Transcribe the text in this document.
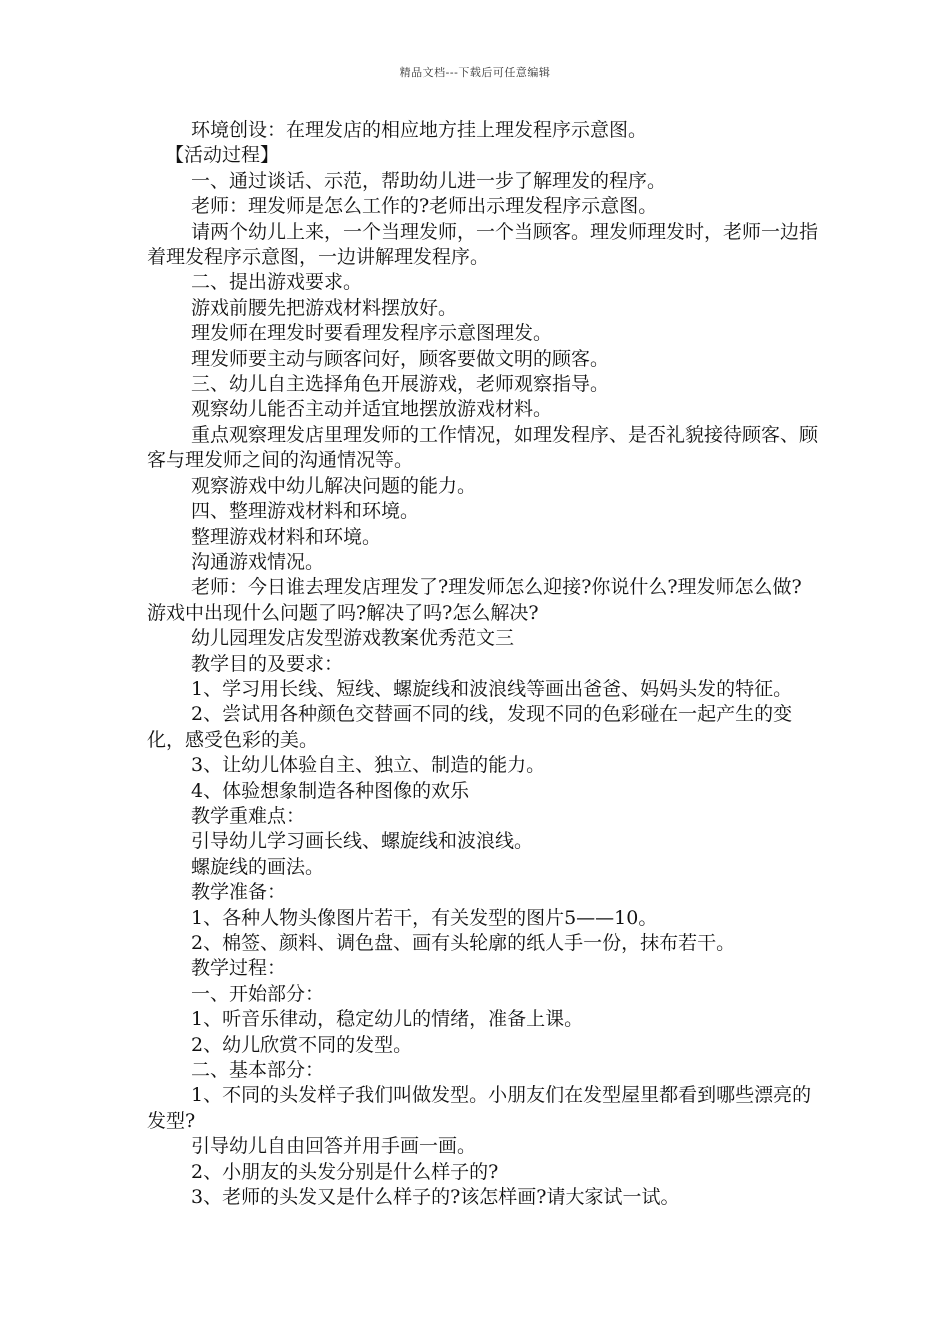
精品文档---下载后可任意编辑

环境创设：在理发店的相应地方挂上理发程序示意图。

【活动过程】

一、通过谈话、示范，帮助幼儿进一步了解理发的程序。

老师：理发师是怎么工作的?老师出示理发程序示意图。

请两个幼儿上来，一个当理发师，一个当顾客。理发师理发时，老师一边指着理发程序示意图，一边讲解理发程序。

二、提出游戏要求。

游戏前腰先把游戏材料摆放好。

理发师在理发时要看理发程序示意图理发。

理发师要主动与顾客问好，顾客要做文明的顾客。

三、幼儿自主选择角色开展游戏，老师观察指导。

观察幼儿能否主动并适宜地摆放游戏材料。

重点观察理发店里理发师的工作情况，如理发程序、是否礼貌接待顾客、顾客与理发师之间的沟通情况等。

观察游戏中幼儿解决问题的能力。

四、整理游戏材料和环境。

整理游戏材料和环境。

沟通游戏情况。

老师：今日谁去理发店理发了?理发师怎么迎接?你说什么?理发师怎么做?游戏中出现什么问题了吗?解决了吗?怎么解决?

幼儿园理发店发型游戏教案优秀范文三

教学目的及要求：

1、学习用长线、短线、螺旋线和波浪线等画出爸爸、妈妈头发的特征。

2、尝试用各种颜色交替画不同的线，发现不同的色彩碰在一起产生的变化，感受色彩的美。

3、让幼儿体验自主、独立、制造的能力。

4、体验想象制造各种图像的欢乐

教学重难点：

引导幼儿学习画长线、螺旋线和波浪线。

螺旋线的画法。

教学准备：

1、各种人物头像图片若干，有关发型的图片5——10。

2、棉签、颜料、调色盘、画有头轮廓的纸人手一份，抹布若干。

教学过程：

一、开始部分：

1、听音乐律动，稳定幼儿的情绪，准备上课。

2、幼儿欣赏不同的发型。

二、基本部分：

1、不同的头发样子我们叫做发型。小朋友们在发型屋里都看到哪些漂亮的发型?

引导幼儿自由回答并用手画一画。

2、小朋友的头发分别是什么样子的?

3、老师的头发又是什么样子的?该怎样画?请大家试一试。
